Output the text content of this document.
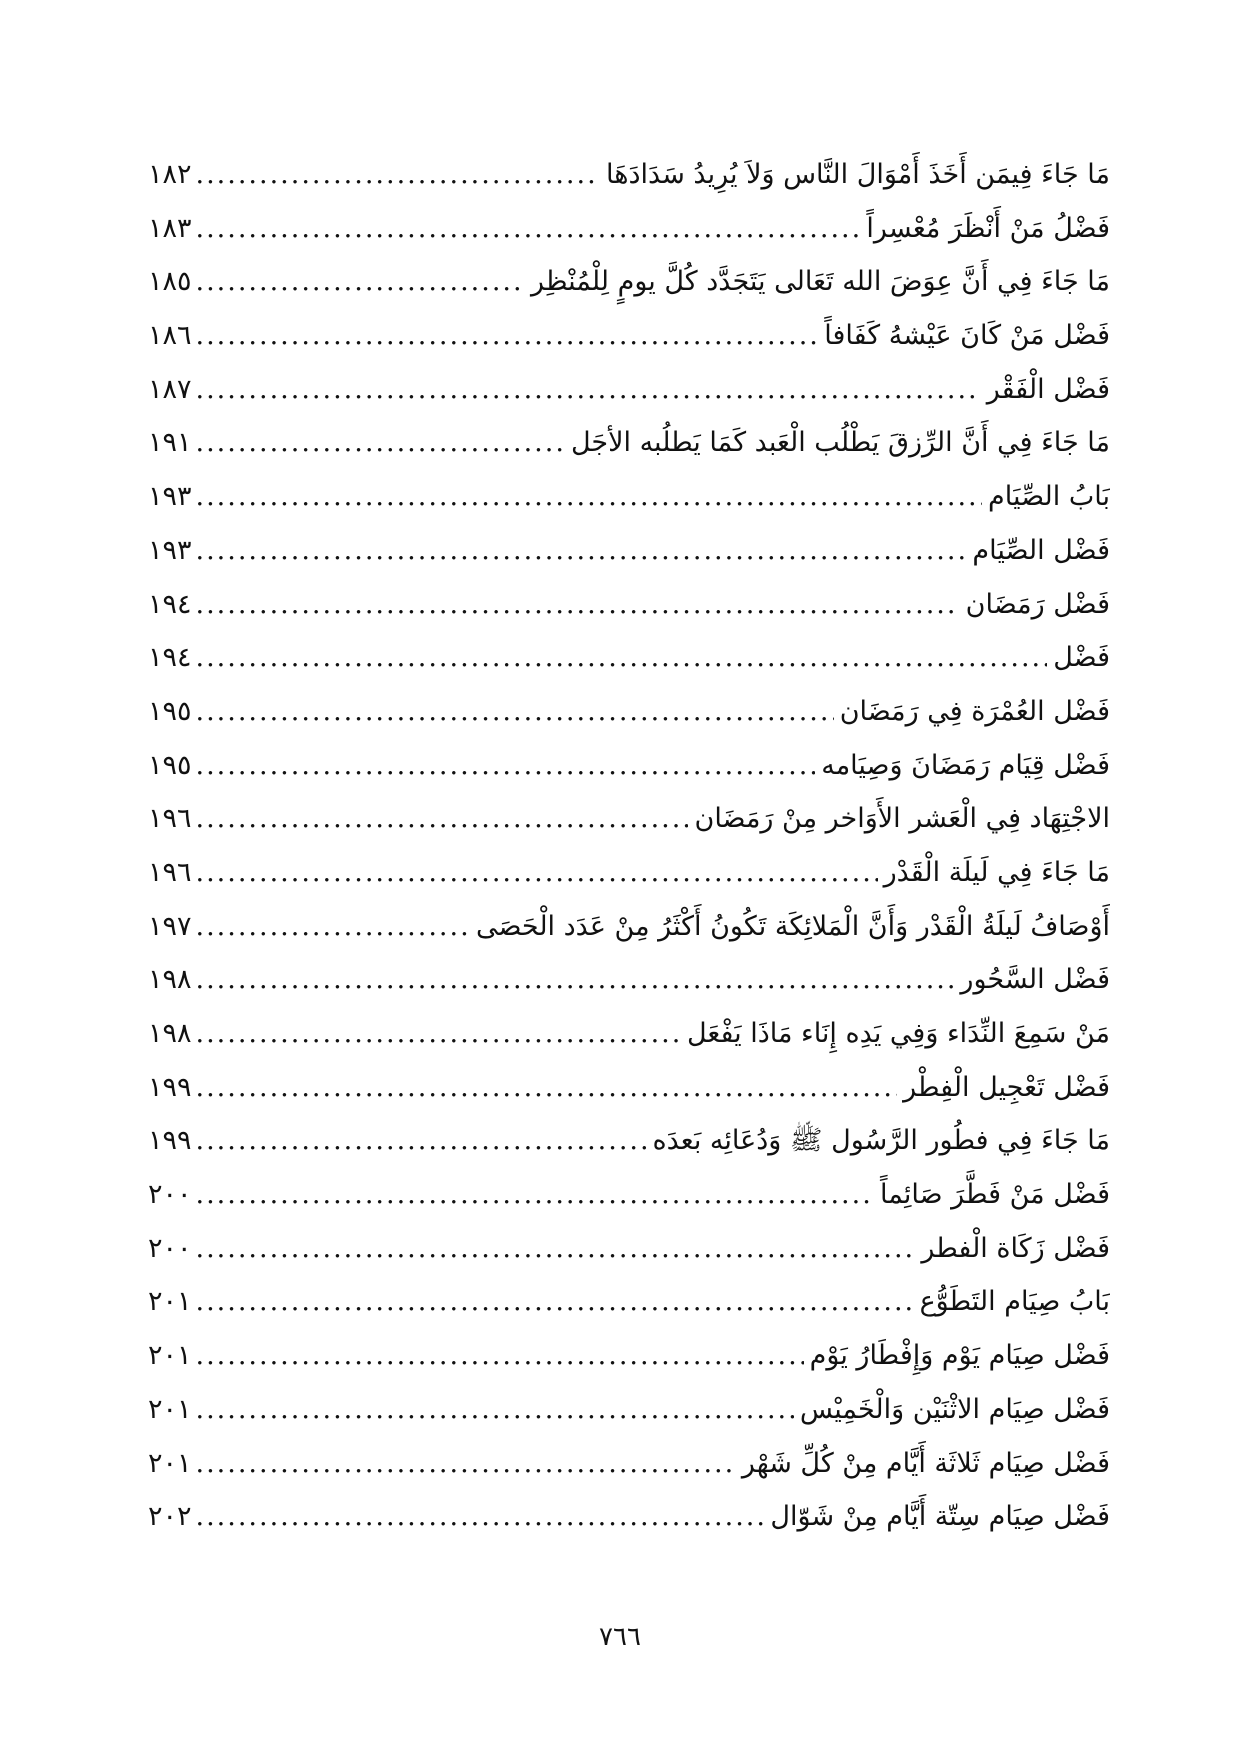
مَا جَاءَ فِيمَن أَخَذَ أَمْوَالَ النَّاس وَلاَ يُرِيدُ سَدَادَهَا
.....
١٨٢
فَضْلُ مَنْ أَنْظَرَ مُعْسِراً
.....
١٨٣
مَا جَاءَ فِي أَنَّ عِوَضَ الله تَعَالى يَتَجَدَّد كُلَّ يومٍ لِلْمُنْظِر
.....
١٨٥
فَضْل مَنْ كَانَ عَيْشهُ كَفَافاً
.....
١٨٦
فَضْل الْفَقْر
.....
١٨٧
مَا جَاءَ فِي أَنَّ الرِّزقَ يَطْلُب الْعَبد كَمَا يَطلُبه الأجَل
.....
١٩١
بَابُ الصِّيَام
.....
١٩٣
فَضْل الصِّيَام
.....
١٩٣
فَضْل رَمَضَان
.....
١٩٤
فَضْل
.....
١٩٤
فَضْل العُمْرَة فِي رَمَضَان
.....
١٩٥
فَضْل قِيَام رَمَضَانَ وَصِيَامه
.....
١٩٥
الاجْتِهَاد فِي الْعَشر الأَوَاخر مِنْ رَمَضَان
.....
١٩٦
مَا جَاءَ فِي لَيلَة الْقَدْر
.....
١٩٦
أَوْصَافُ لَيلَةُ الْقَدْر وَأَنَّ الْمَلائِكَة تَكُونُ أَكْثَرُ مِنْ عَدَد الْحَصَى
.....
١٩٧
فَضْل السَّحُور
.....
١٩٨
مَنْ سَمِعَ النِّدَاء وَفِي يَدِه إِنَاء مَاذَا يَفْعَل
.....
١٩٨
فَضْل تَعْجِيل الْفِطْر
.....
١٩٩
مَا جَاءَ فِي فطُور الرَّسُول ﷺ وَدُعَائِه بَعدَه
.....
١٩٩
فَضْل مَنْ فَطَّرَ صَائِماً
.....
٢٠٠
فَضْل زَكَاة الْفطر
.....
٢٠٠
بَابُ صِيَام التَطَوُّع
.....
٢٠١
فَضْل صِيَام يَوْم وَإِفْطَارُ يَوْم
.....
٢٠١
فَضْل صِيَام الاثْنَيْن وَالْخَمِيْس
.....
٢٠١
فَضْل صِيَام ثَلاثَة أَيَّام مِنْ كُلِّ شَهْر
.....
٢٠١
فَضْل صِيَام سِتّة أَيَّام مِنْ شَوّال
.....
٢٠٢
٧٦٦
